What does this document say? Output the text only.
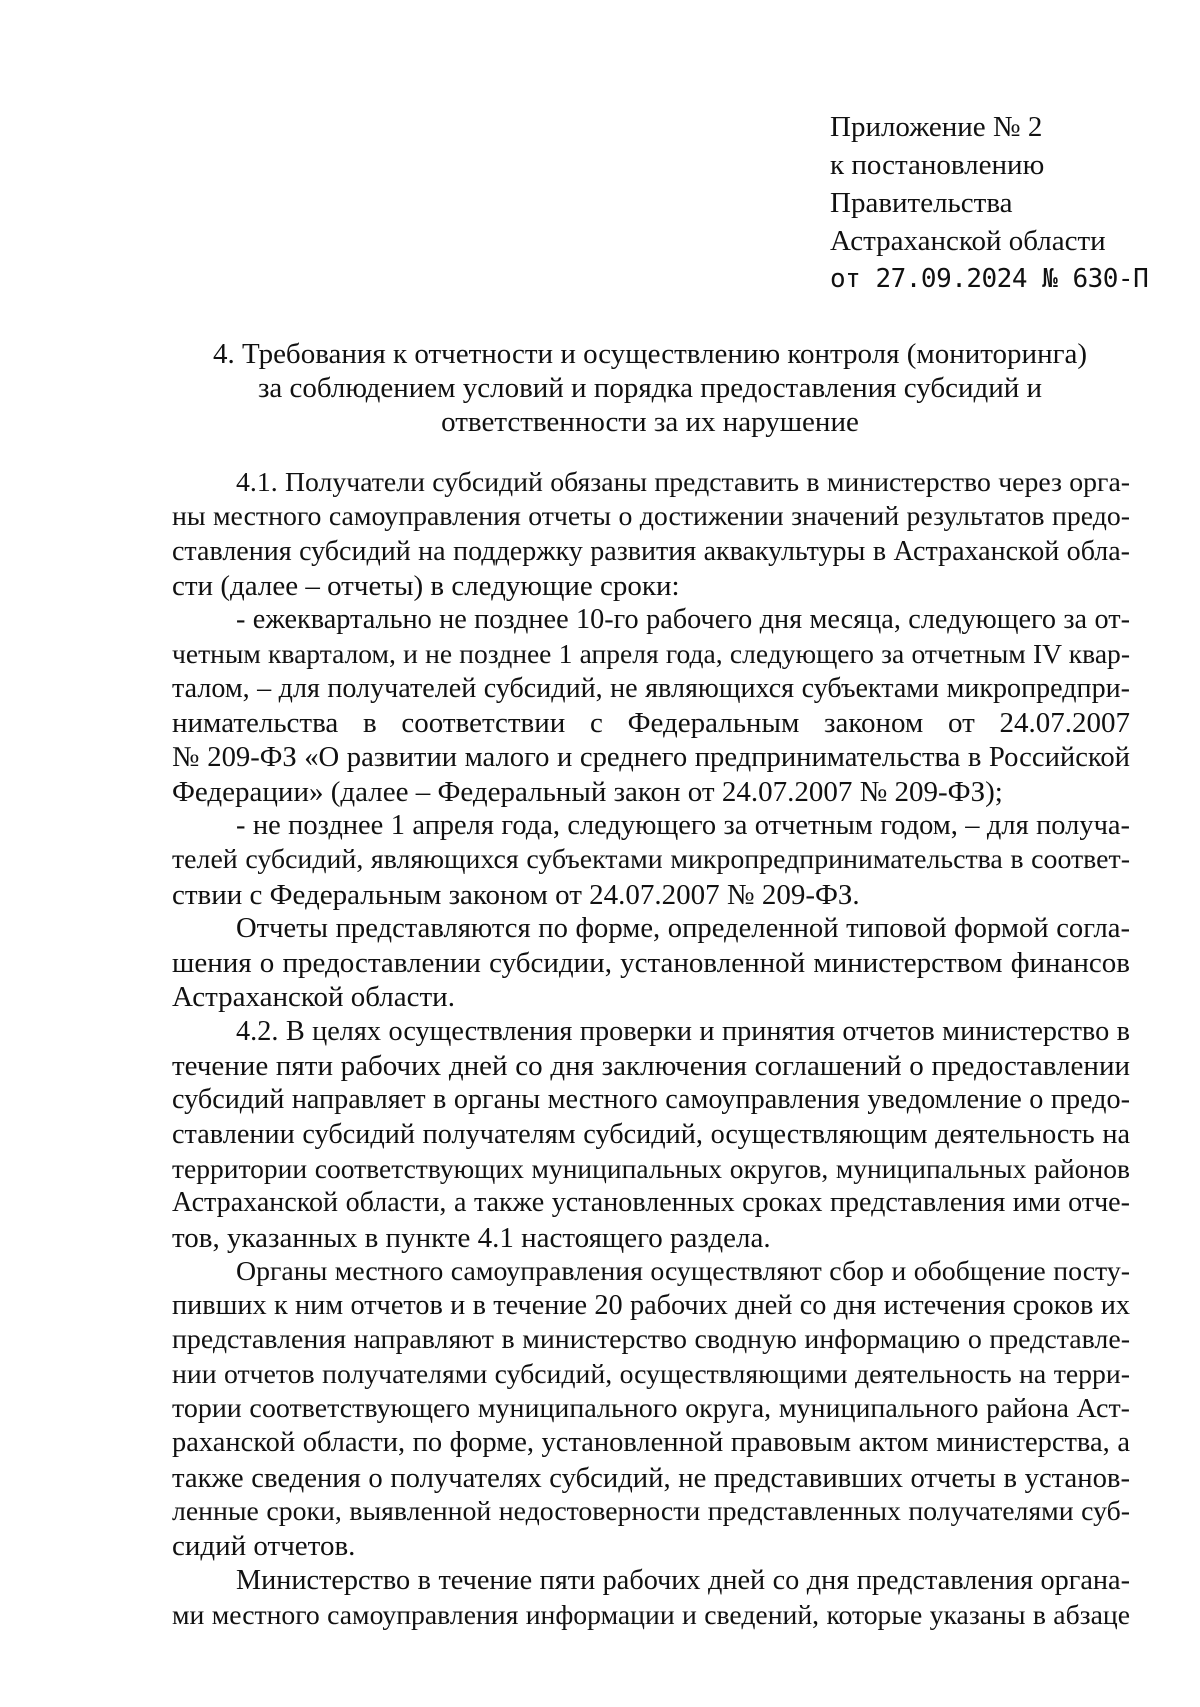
Приложение № 2
к постановлению
Правительства
Астраханской области
от 27.09.2024 № 630-П
4. Требования к отчетности и осуществлению контроля (мониторинга)
за соблюдением условий и порядка предоставления субсидий и
ответственности за их нарушение
4.1. Получатели субсидий обязаны представить в министерство через орга-
ны местного самоуправления отчеты о достижении значений результатов предо-
ставления субсидий на поддержку развития аквакультуры в Астраханской обла-
сти (далее – отчеты) в следующие сроки:
- ежеквартально не позднее 10-го рабочего дня месяца, следующего за от-
четным кварталом, и не позднее 1 апреля года, следующего за отчетным IV квар-
талом, – для получателей субсидий, не являющихся субъектами микропредпри-
нимательства в соответствии с Федеральным законом от 24.07.2007
№ 209-ФЗ «О развитии малого и среднего предпринимательства в Российской
Федерации» (далее – Федеральный закон от 24.07.2007 № 209-ФЗ);
- не позднее 1 апреля года, следующего за отчетным годом, – для получа-
телей субсидий, являющихся субъектами микропредпринимательства в соответ-
ствии с Федеральным законом от 24.07.2007 № 209-ФЗ.
Отчеты представляются по форме, определенной типовой формой согла-
шения о предоставлении субсидии, установленной министерством финансов
Астраханской области.
4.2. В целях осуществления проверки и принятия отчетов министерство в
течение пяти рабочих дней со дня заключения соглашений о предоставлении
субсидий направляет в органы местного самоуправления уведомление о предо-
ставлении субсидий получателям субсидий, осуществляющим деятельность на
территории соответствующих муниципальных округов, муниципальных районов
Астраханской области, а также установленных сроках представления ими отче-
тов, указанных в пункте 4.1 настоящего раздела.
Органы местного самоуправления осуществляют сбор и обобщение посту-
пивших к ним отчетов и в течение 20 рабочих дней со дня истечения сроков их
представления направляют в министерство сводную информацию о представле-
нии отчетов получателями субсидий, осуществляющими деятельность на терри-
тории соответствующего муниципального округа, муниципального района Аст-
раханской области, по форме, установленной правовым актом министерства, а
также сведения о получателях субсидий, не представивших отчеты в установ-
ленные сроки, выявленной недостоверности представленных получателями суб-
сидий отчетов.
Министерство в течение пяти рабочих дней со дня представления органа-
ми местного самоуправления информации и сведений, которые указаны в абзаце
